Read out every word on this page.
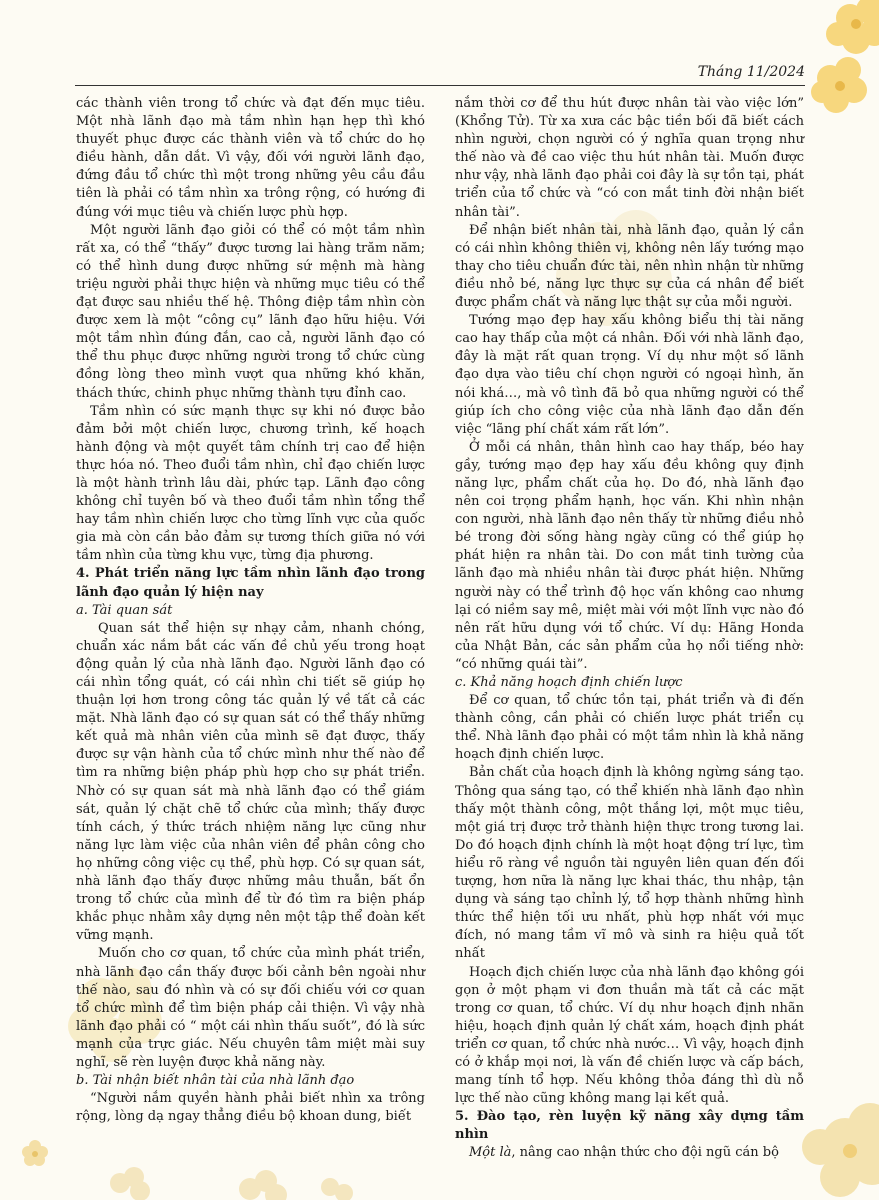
Tháng 11/2024

các thành viên trong tổ chức và đạt đến mục tiêu. Một nhà lãnh đạo mà tầm nhìn hạn hẹp thì khó thuyết phục được các thành viên và tổ chức do họ điều hành, dẫn dắt. Vì vậy, đối với người lãnh đạo, đứng đầu tổ chức thì một trong những yêu cầu đầu tiên là phải có tầm nhìn xa trông rộng, có hướng đi đúng với mục tiêu và chiến lược phù hợp.

Một người lãnh đạo giỏi có thể có một tầm nhìn rất xa, có thể “thấy” được tương lai hàng trăm năm; có thể hình dung được những sứ mệnh mà hàng triệu người phải thực hiện và những mục tiêu có thể đạt được sau nhiều thế hệ. Thông điệp tầm nhìn còn được xem là một “công cụ” lãnh đạo hữu hiệu. Với một tầm nhìn đúng đắn, cao cả, người lãnh đạo có thể thu phục được những người trong tổ chức cùng đồng lòng theo mình vượt qua những khó khăn, thách thức, chinh phục những thành tựu đỉnh cao.

Tầm nhìn có sức mạnh thực sự khi nó được bảo đảm bởi một chiến lược, chương trình, kế hoạch hành động và một quyết tâm chính trị cao để hiện thực hóa nó. Theo đuổi tầm nhìn, chỉ đạo chiến lược là một hành trình lâu dài, phức tạp. Lãnh đạo công không chỉ tuyên bố và theo đuổi tầm nhìn tổng thể hay tầm nhìn chiến lược cho từng lĩnh vực của quốc gia mà còn cần bảo đảm sự tương thích giữa nó với tầm nhìn của từng khu vực, từng địa phương.

4. Phát triển năng lực tầm nhìn lãnh đạo trong lãnh đạo quản lý hiện nay

a. Tài quan sát

Quan sát thể hiện sự nhạy cảm, nhanh chóng, chuẩn xác nắm bắt các vấn đề chủ yếu trong hoạt động quản lý của nhà lãnh đạo. Người lãnh đạo có cái nhìn tổng quát, có cái nhìn chi tiết sẽ giúp họ thuận lợi hơn trong công tác quản lý về tất cả các mặt. Nhà lãnh đạo có sự quan sát có thể thấy những kết quả mà nhân viên của mình sẽ đạt được, thấy được sự vận hành của tổ chức mình như thế nào để tìm ra những biện pháp phù hợp cho sự phát triển. Nhờ có sự quan sát mà nhà lãnh đạo có thể giám sát, quản lý chặt chẽ tổ chức của mình; thấy được tính cách, ý thức trách nhiệm năng lực cũng như năng lực làm việc của nhân viên để phân công cho họ những công việc cụ thể, phù hợp. Có sự quan sát, nhà lãnh đạo thấy được những mâu thuẫn, bất ổn trong tổ chức của mình để từ đó tìm ra biện pháp khắc phục nhằm xây dựng nên một tập thể đoàn kết vững mạnh.

Muốn cho cơ quan, tổ chức của mình phát triển, nhà lãnh đạo cần thấy được bối cảnh bên ngoài như thế nào, sau đó nhìn và có sự đối chiếu với cơ quan tổ chức mình để tìm biện pháp cải thiện. Vì vậy nhà lãnh đạo phải có “ một cái nhìn thấu suốt”, đó là sức mạnh của trực giác. Nếu chuyên tâm miệt mài suy nghĩ, sẽ rèn luyện được khả năng này.

b. Tài nhận biết nhân tài của nhà lãnh đạo

“Người nắm quyền hành phải biết nhìn xa trông rộng, lòng dạ ngay thẳng điều bộ khoan dung, biết

nắm thời cơ để thu hút được nhân tài vào việc lớn” (Khổng Tử). Từ xa xưa các bậc tiền bối đã biết cách nhìn người, chọn người có ý nghĩa quan trọng như thế nào và đề cao việc thu hút nhân tài. Muốn được như vậy, nhà lãnh đạo phải coi đây là sự tồn tại, phát triển của tổ chức và “có con mắt tinh đời nhận biết nhân tài”.

Để nhận biết nhân tài, nhà lãnh đạo, quản lý cần có cái nhìn không thiên vị, không nên lấy tướng mạo thay cho tiêu chuẩn đức tài, nên nhìn nhận từ những điều nhỏ bé, năng lực thực sự của cá nhân để biết được phẩm chất và năng lực thật sự của mỗi người.

Tướng mạo đẹp hay xấu không biểu thị tài năng cao hay thấp của một cá nhân. Đối với nhà lãnh đạo, đây là mặt rất quan trọng. Ví dụ như một số lãnh đạo dựa vào tiêu chí chọn người có ngoại hình, ăn nói khá…, mà vô tình đã bỏ qua những người có thể giúp ích cho công việc của nhà lãnh đạo dẫn đến việc “lãng phí chất xám rất lớn”.

Ở mỗi cá nhân, thân hình cao hay thấp, béo hay gầy, tướng mạo đẹp hay xấu đều không quy định năng lực, phẩm chất của họ. Do đó, nhà lãnh đạo nên coi trọng phẩm hạnh, học vấn. Khi nhìn nhận con người, nhà lãnh đạo nên thấy từ những điều nhỏ bé trong đời sống hàng ngày cũng có thể giúp họ phát hiện ra nhân tài. Do con mắt tinh tường của lãnh đạo mà nhiều nhân tài được phát hiện. Những người này có thể trình độ học vấn không cao nhưng lại có niềm say mê, miệt mài với một lĩnh vực nào đó nên rất hữu dụng với tổ chức. Ví dụ: Hãng Honda của Nhật Bản, các sản phẩm của họ nổi tiếng nhờ: “có những quái tài”.

c. Khả năng hoạch định chiến lược

Để cơ quan, tổ chức tồn tại, phát triển và đi đến thành công, cần phải có chiến lược phát triển cụ thể. Nhà lãnh đạo phải có một tầm nhìn là khả năng hoạch định chiến lược.

Bản chất của hoạch định là không ngừng sáng tạo. Thông qua sáng tạo, có thể khiến nhà lãnh đạo nhìn thấy một thành công, một thắng lợi, một mục tiêu, một giá trị được trở thành hiện thực trong tương lai. Do đó hoạch định chính là một hoạt động trí lực, tìm hiểu rõ ràng về nguồn tài nguyên liên quan đến đối tượng, hơn nữa là năng lực khai thác, thu nhập, tận dụng và sáng tạo chỉnh lý, tổ hợp thành những hình thức thể hiện tối ưu nhất, phù hợp nhất với mục đích, nó mang tầm vĩ mô và sinh ra hiệu quả tốt nhất

Hoạch địch chiến lược của nhà lãnh đạo không gói gọn ở một phạm vi đơn thuần mà tất cả các mặt trong cơ quan, tổ chức. Ví dụ như hoạch định nhãn hiệu, hoạch định quản lý chất xám, hoạch định phát triển cơ quan, tổ chức nhà nước… Vì vậy, hoạch định có ở khắp mọi nơi, là vấn đề chiến lược và cấp bách, mang tính tổ hợp. Nếu không thỏa đáng thì dù nỗ lực thế nào cũng không mang lại kết quả.

5. Đào tạo, rèn luyện kỹ năng xây dựng tầm nhìn

Một là, nâng cao nhận thức cho đội ngũ cán bộ
